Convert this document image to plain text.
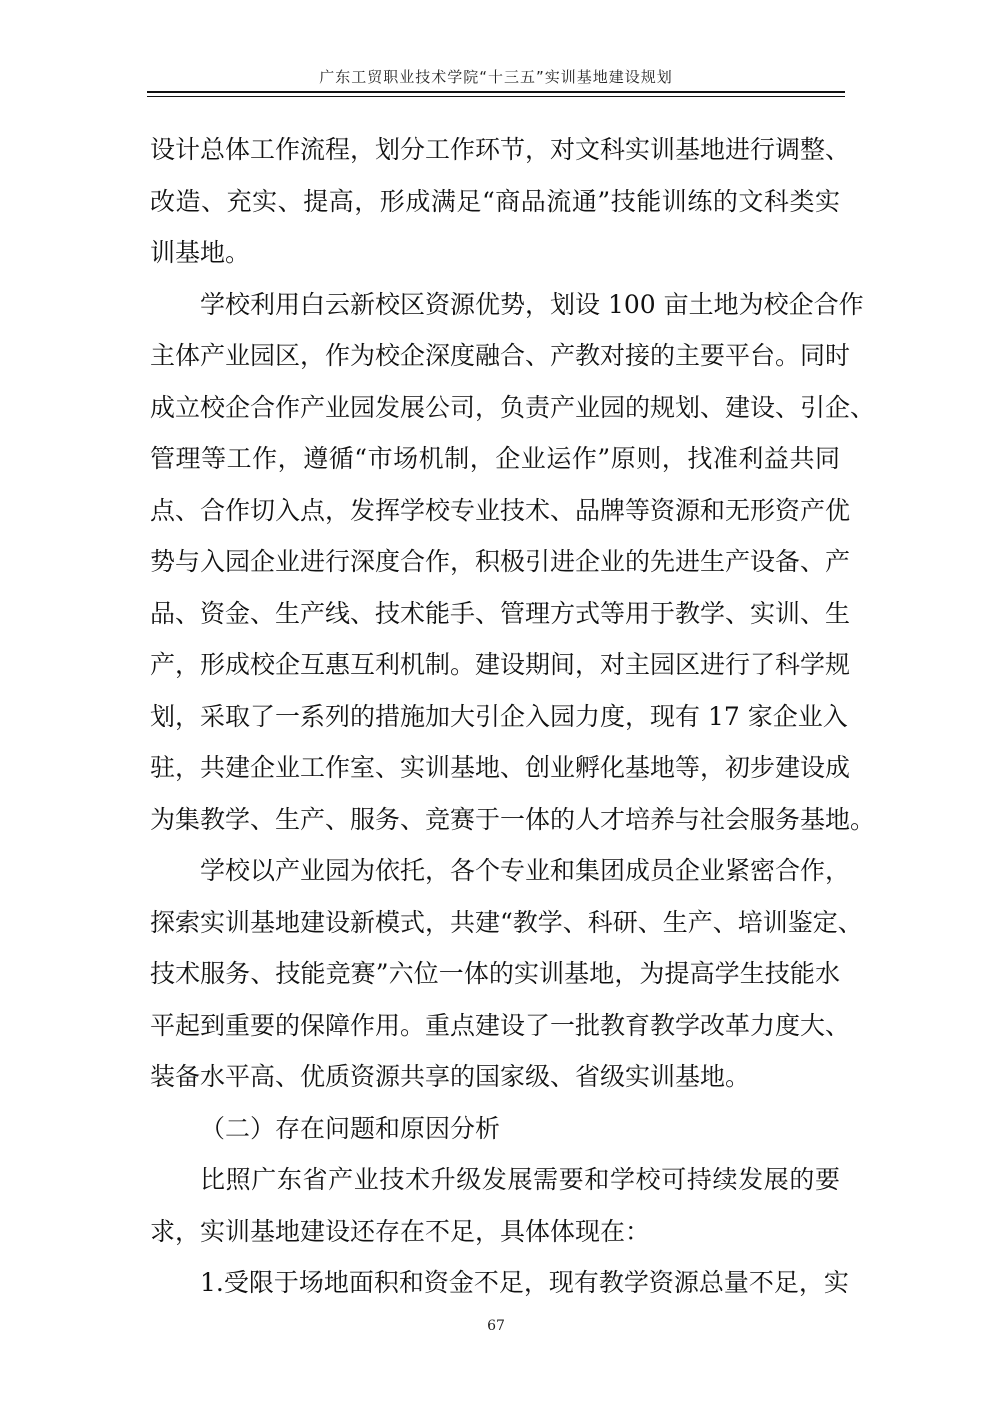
广东工贸职业技术学院“十三五”实训基地建设规划
设计总体工作流程，划分工作环节，对文科实训基地进行调整、
改造、充实、提高，形成满足“商品流通”技能训练的文科类实
训基地。
学校利用白云新校区资源优势，划设 100 亩土地为校企合作
主体产业园区，作为校企深度融合、产教对接的主要平台。同时
成立校企合作产业园发展公司，负责产业园的规划、建设、引企、
管理等工作，遵循“市场机制，企业运作”原则，找准利益共同
点、合作切入点，发挥学校专业技术、品牌等资源和无形资产优
势与入园企业进行深度合作，积极引进企业的先进生产设备、产
品、资金、生产线、技术能手、管理方式等用于教学、实训、生
产，形成校企互惠互利机制。建设期间，对主园区进行了科学规
划，采取了一系列的措施加大引企入园力度，现有 17 家企业入
驻，共建企业工作室、实训基地、创业孵化基地等，初步建设成
为集教学、生产、服务、竞赛于一体的人才培养与社会服务基地。
学校以产业园为依托，各个专业和集团成员企业紧密合作，
探索实训基地建设新模式，共建“教学、科研、生产、培训鉴定、
技术服务、技能竞赛”六位一体的实训基地，为提高学生技能水
平起到重要的保障作用。重点建设了一批教育教学改革力度大、
装备水平高、优质资源共享的国家级、省级实训基地。
（二）存在问题和原因分析
比照广东省产业技术升级发展需要和学校可持续发展的要
求，实训基地建设还存在不足，具体体现在：
1.受限于场地面积和资金不足，现有教学资源总量不足，实
67
